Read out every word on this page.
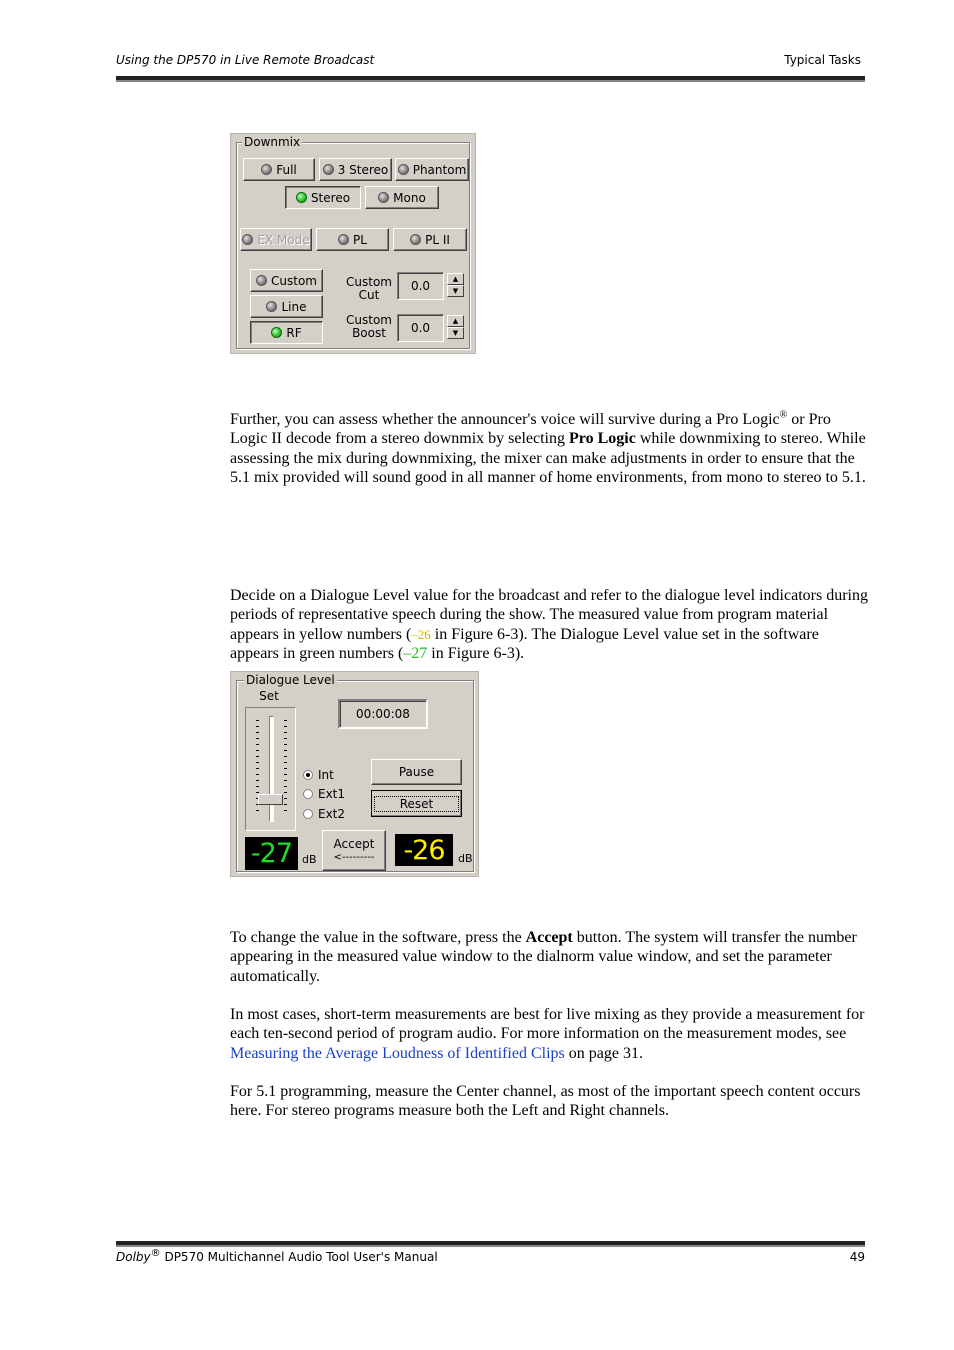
Using the DP570 in Live Remote Broadcast	Typical Tasks
Downmix
Full	3 Stereo Phantom
Stereo	Mono
EX Mode	PL	PL II
Custom
Line
RF
Custom
Cut
0.0	▲
▼
Custom
Boost	0.0	▲
▼
Further, you can assess whether the announcer's voice will survive during a Pro Logic® or Pro Logic II decode from a stereo downmix by selecting Pro Logic while downmixing to stereo. While assessing the mix during downmixing, the mixer can make adjustments in order to ensure that the 5.1 mix provided will sound good in all manner of home environments, from mono to stereo to 5.1.
Decide on a Dialogue Level value for the broadcast and refer to the dialogue level indicators during periods of representative speech during the show. The measured value from program material appears in yellow numbers (–26 in Figure 6-3). The Dialogue Level value set in the software appears in green numbers (–27 in Figure 6-3).
Dialogue Level
Set
00:00:08
Int
Ext1
Ext2
Pause
Reset
Accept
<---------
-27 dB	-26	dB
To change the value in the software, press the Accept button. The system will transfer the number appearing in the measured value window to the dialnorm value window, and set the parameter automatically.
In most cases, short-term measurements are best for live mixing as they provide a measurement for each ten-second period of program audio. For more information on the measurement modes, see Measuring the Average Loudness of Identified Clips on page 31.
For 5.1 programming, measure the Center channel, as most of the important speech content occurs here. For stereo programs measure both the Left and Right channels.
Dolby® DP570 Multichannel Audio Tool User's Manual	49
